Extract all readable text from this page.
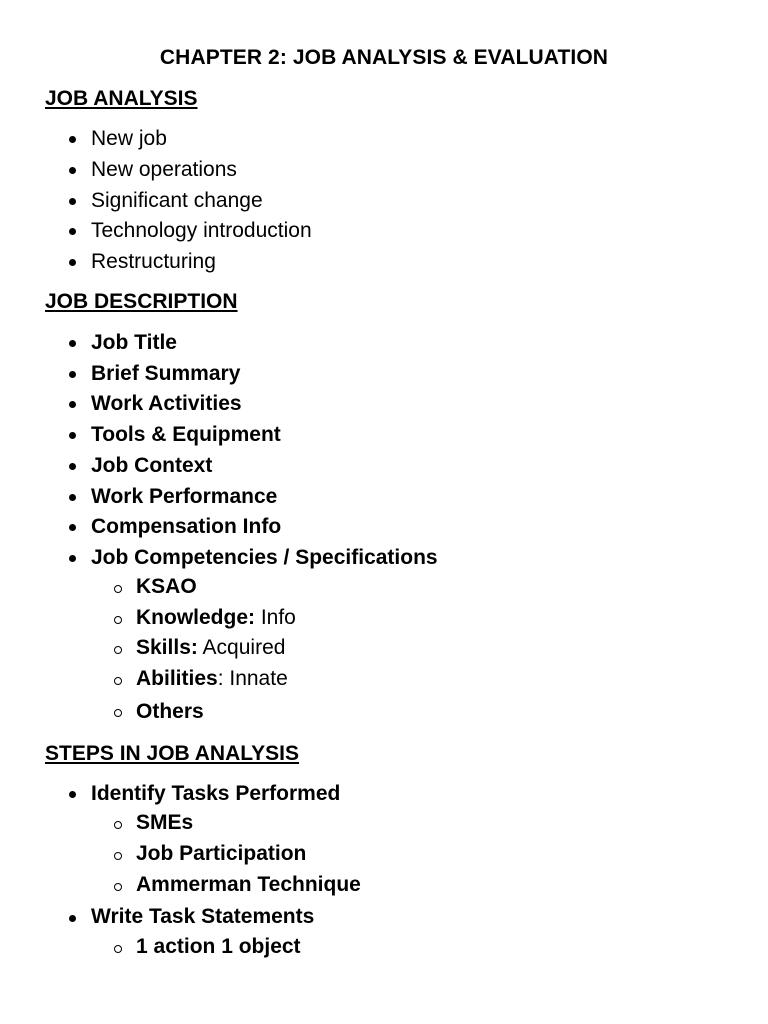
CHAPTER 2: JOB ANALYSIS & EVALUATION
JOB ANALYSIS
New job
New operations
Significant change
Technology introduction
Restructuring
JOB DESCRIPTION
Job Title
Brief Summary
Work Activities
Tools & Equipment
Job Context
Work Performance
Compensation Info
Job Competencies / Specifications
KSAO
Knowledge: Info
Skills: Acquired
Abilities: Innate
Others
STEPS IN JOB ANALYSIS
Identify Tasks Performed
SMEs
Job Participation
Ammerman Technique
Write Task Statements
1 action 1 object
